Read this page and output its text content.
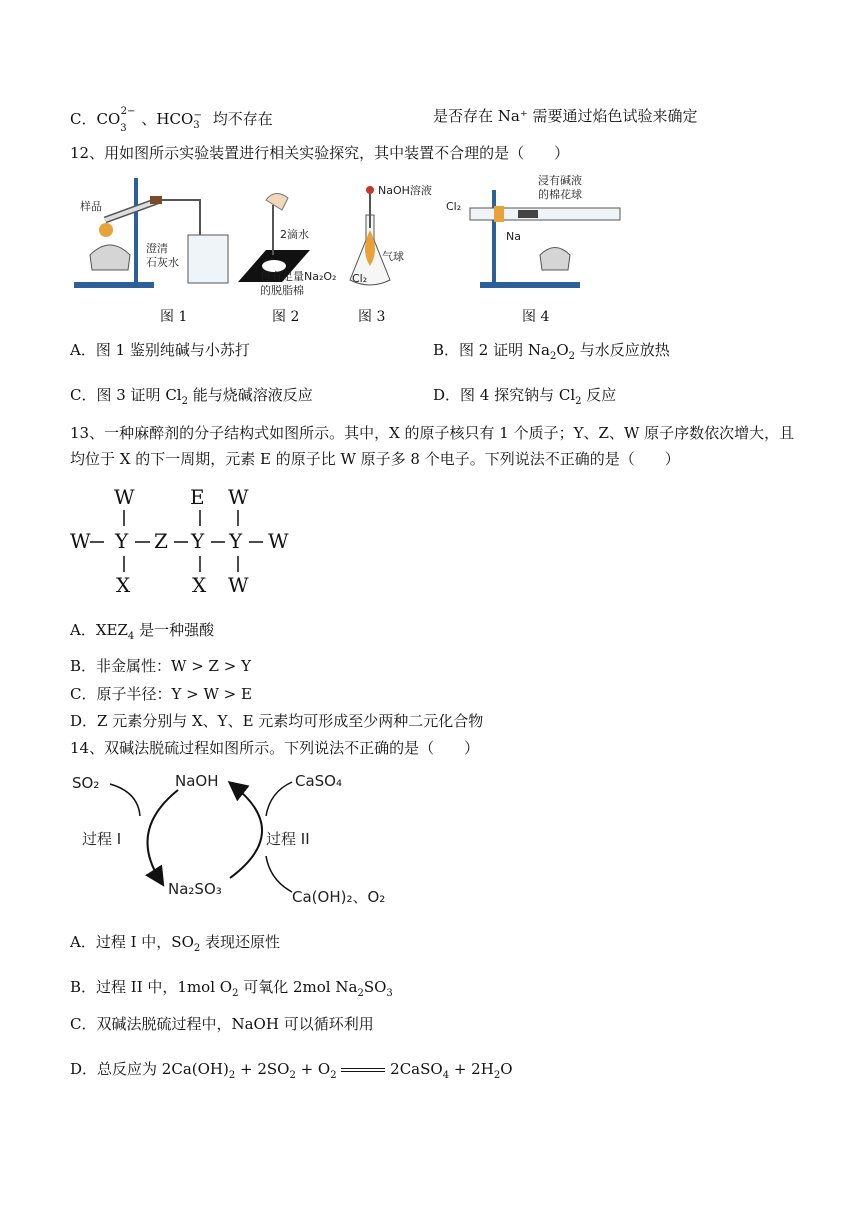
C．$CO_3^{2-}$ 、$HCO_3^-$ 均不存在	是否存在 Na⁺ 需要通过焰色试验来确定
12、用如图所示实验装置进行相关实验探究，其中装置不合理的是（　　）
样品
澄清
石灰水
2滴水
包有足量Na₂O₂
的脱脂棉
NaOH溶液
气球
Cl₂
Cl₂
浸有碱液
的棉花球
Na
图 1	图 2	图 3	图 4
A．图 1 鉴别纯碱与小苏打	B．图 2 证明 $Na_2O_2$ 与水反应放热
C．图 3 证明 $Cl_2$ 能与烧碱溶液反应	D．图 4 探究钠与 $Cl_2$ 反应
13、一种麻醉剂的分子结构式如图所示。其中，X 的原子核只有 1 个质子；Y、Z、W 原子序数依次增大，且
均位于 X 的下一周期，元素 E 的原子比 W 原子多 8 个电子。下列说法不正确的是（　　）
W	E W
W Y Z Y Y W
X	X W
A．$XEZ_4$ 是一种强酸
B．非金属性：W > Z > Y
C．原子半径：Y > W > E
D．Z 元素分别与 X、Y、E 元素均可形成至少两种二元化合物
14、双碱法脱硫过程如图所示。下列说法不正确的是（　　）
SO₂	NaOH	CaSO₄
过程 I	过程 II
Na₂SO₃	Ca(OH)₂、O₂
A．过程 I 中，$SO_2$ 表现还原性
B．过程 II 中，1mol $O_2$ 可氧化 2mol $Na_2SO_3$
C．双碱法脱硫过程中，NaOH 可以循环利用
D．总反应为 $2Ca(OH)_2 + 2SO_2 + O_2$	2CaSO$_4$ + $2H_2O$
